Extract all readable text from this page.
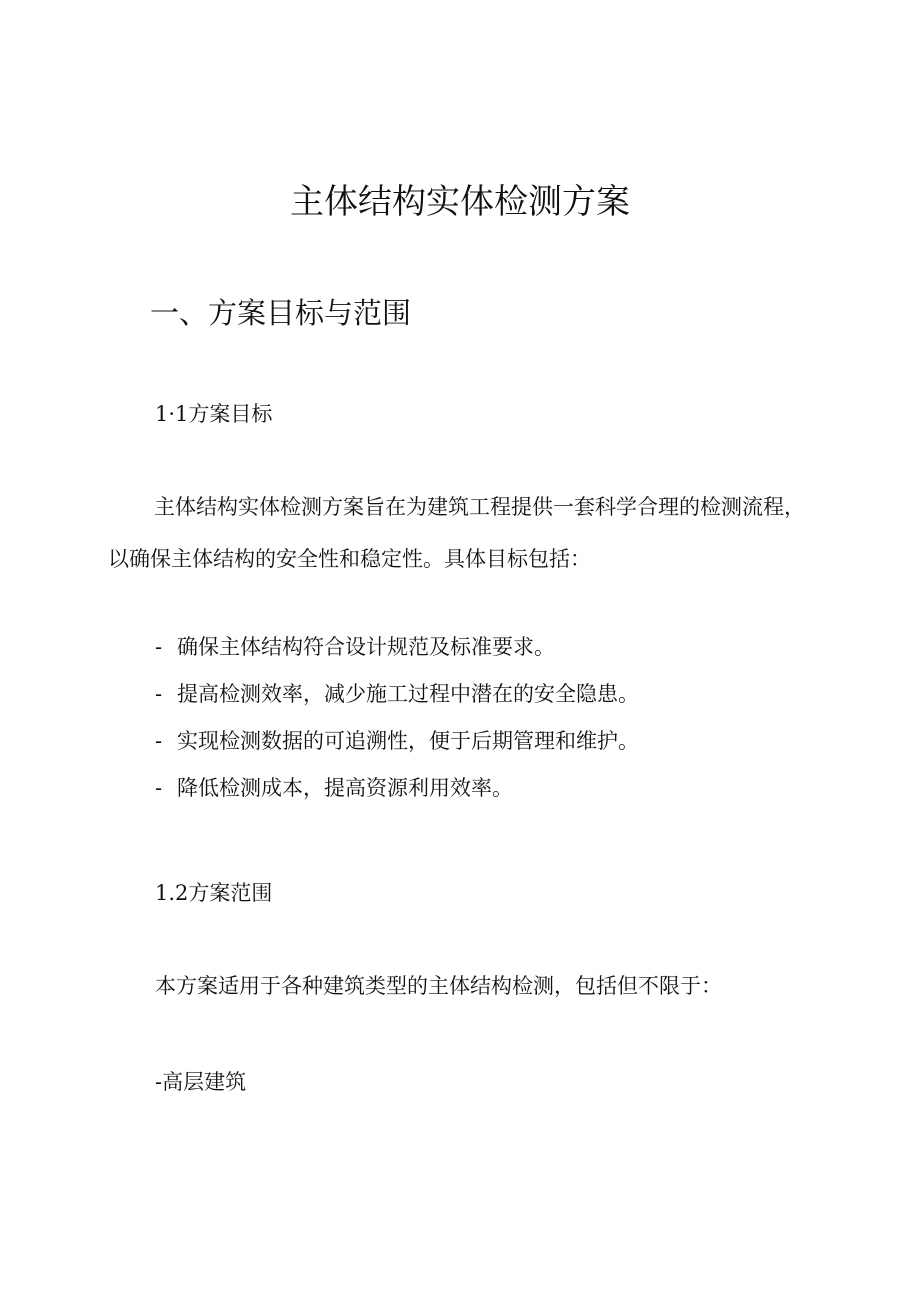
主体结构实体检测方案
一、方案目标与范围
1·1方案目标

主体结构实体检测方案旨在为建筑工程提供一套科学合理的检测流程，以确保主体结构的安全性和稳定性。具体目标包括：

- 确保主体结构符合设计规范及标准要求。
- 提高检测效率，减少施工过程中潜在的安全隐患。
- 实现检测数据的可追溯性，便于后期管理和维护。
- 降低检测成本，提高资源利用效率。
1.2方案范围

本方案适用于各种建筑类型的主体结构检测，包括但不限于：

-高层建筑
